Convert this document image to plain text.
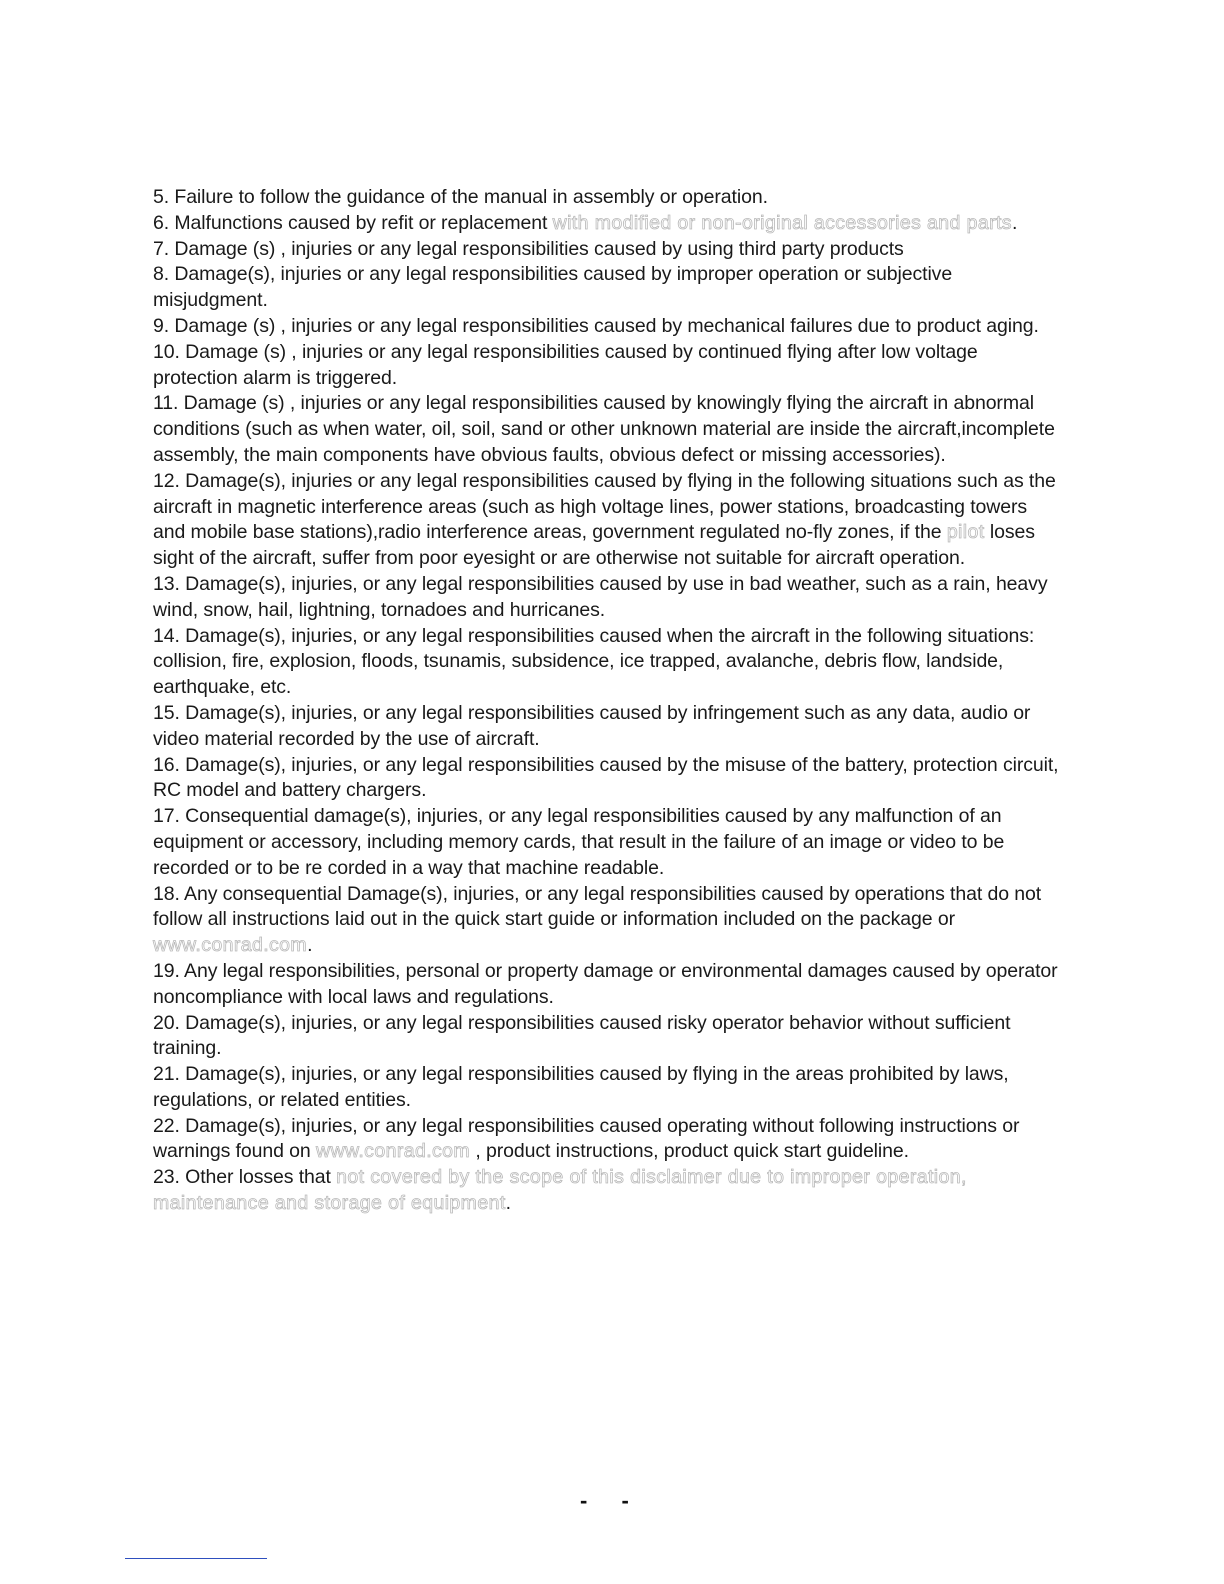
5. Failure to follow the guidance of the manual in assembly or operation.

6. Malfunctions caused by refit or replacement with modified or non-original accessories and parts.

7. Damage (s) , injuries or any legal responsibilities caused by using third party products

8. Damage(s), injuries or any legal responsibilities caused by improper operation or subjective misjudgment.

9. Damage (s) , injuries or any legal responsibilities caused by mechanical failures due to product aging.

10. Damage (s) , injuries or any legal responsibilities caused by continued flying after low voltage protection alarm is triggered.

11. Damage (s) , injuries or any legal responsibilities caused by knowingly flying the aircraft in abnormal conditions (such as when water, oil, soil, sand or other unknown material are inside the aircraft,incomplete assembly, the main components have obvious faults, obvious defect or missing accessories).

12. Damage(s), injuries or any legal responsibilities caused by flying in the following situations such as the aircraft in magnetic interference areas (such as high voltage lines, power stations, broadcasting towers and mobile base stations),radio interference areas, government regulated no-fly zones, if the pilot loses sight of the aircraft, suffer from poor eyesight or are otherwise not suitable for aircraft operation.

13. Damage(s), injuries, or any legal responsibilities caused by use in bad weather, such as a rain, heavy wind, snow, hail, lightning, tornadoes and hurricanes.

14. Damage(s), injuries, or any legal responsibilities caused when the aircraft in the following situations: collision, fire, explosion, floods, tsunamis, subsidence, ice trapped, avalanche, debris flow, landside, earthquake, etc.

15. Damage(s), injuries, or any legal responsibilities caused by infringement such as any data, audio or video material recorded by the use of aircraft.

16. Damage(s), injuries, or any legal responsibilities caused by the misuse of the battery, protection circuit, RC model and battery chargers.

17. Consequential damage(s), injuries, or any legal responsibilities caused by any malfunction of an equipment or accessory, including memory cards, that result in the failure of an image or video to be recorded or to be re corded in a way that machine readable.

18. Any consequential Damage(s), injuries, or any legal responsibilities caused by operations that do not follow all instructions laid out in the quick start guide or information included on the package or www.conrad.com.

19. Any legal responsibilities, personal or property damage or environmental damages caused by operator noncompliance with local laws and regulations.

20. Damage(s), injuries, or any legal responsibilities caused risky operator behavior without sufficient training.

21. Damage(s), injuries, or any legal responsibilities caused by flying in the areas prohibited by laws, regulations, or related entities.

22. Damage(s), injuries, or any legal responsibilities caused operating without following instructions or warnings found on www.conrad.com , product instructions, product quick start guideline.

23. Other losses that not covered by the scope of this disclaimer due to improper operation, maintenance and storage of equipment.

- -
